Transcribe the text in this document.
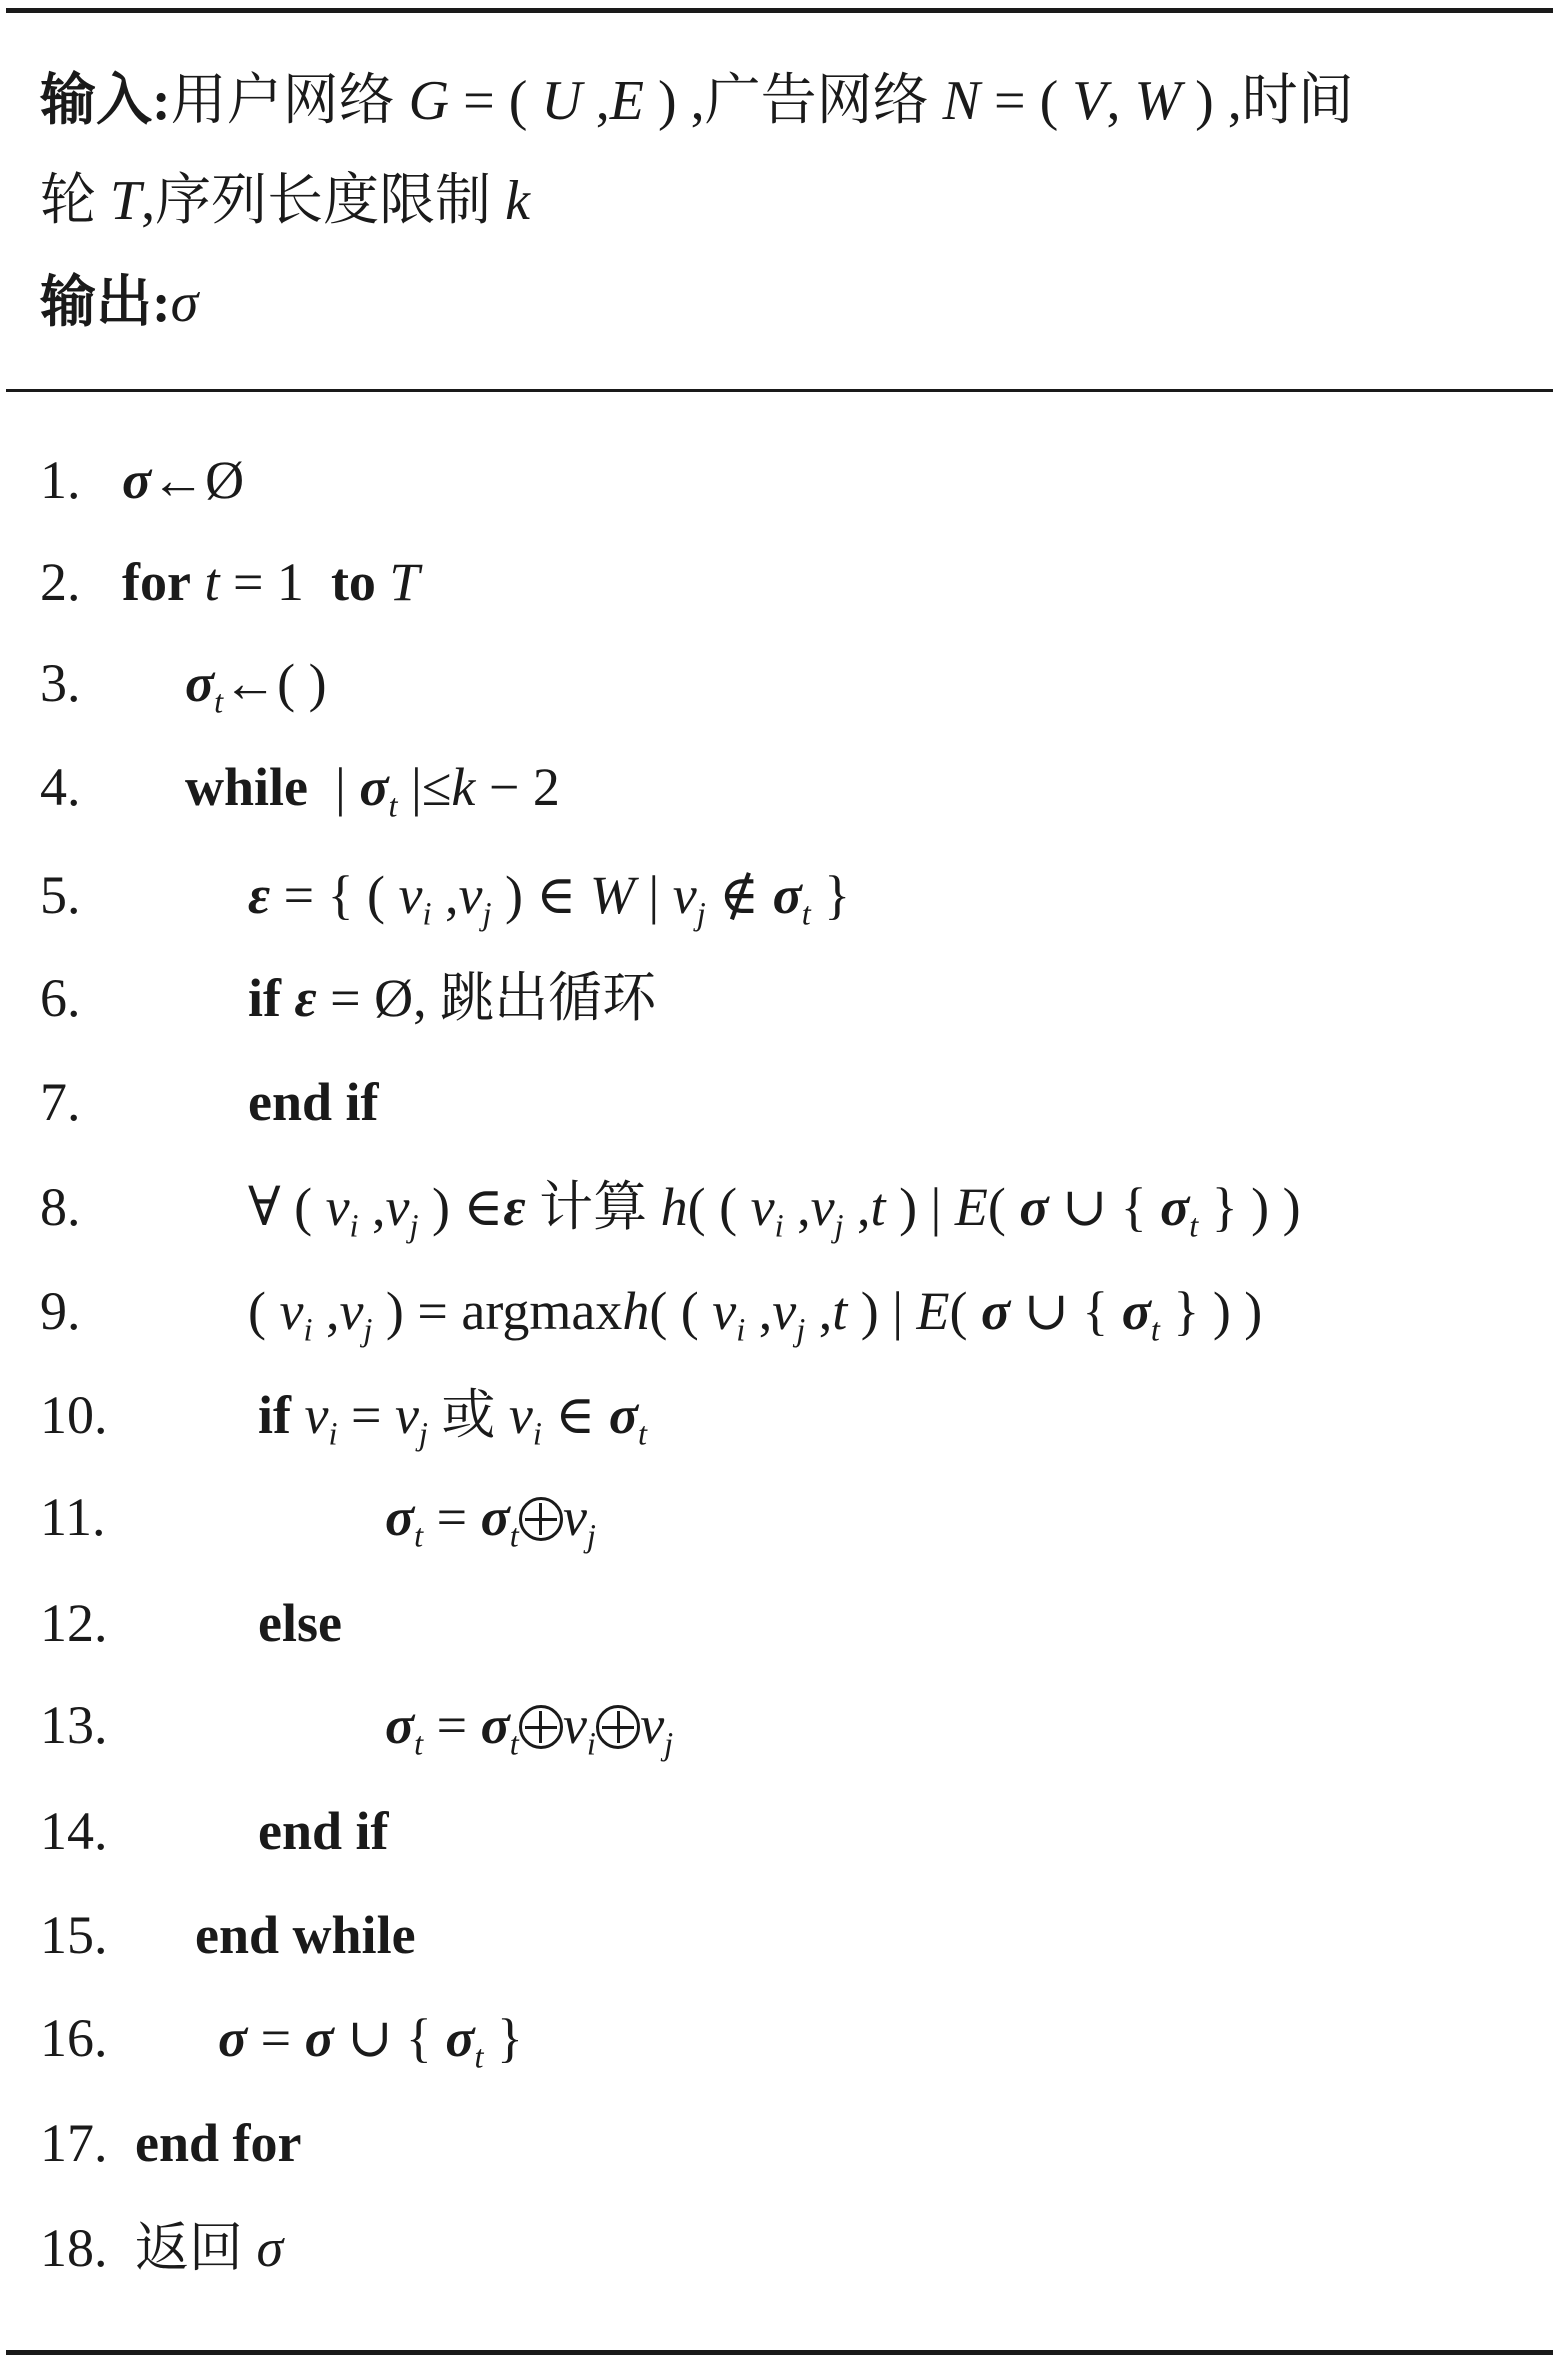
输入:用户网络 G = ( U ,E ) ,广告网络 N = ( V, W ) ,时间
轮 T,序列长度限制 k
输出:σ
1. σ←Ø
2. for t = 1  to T
3. $\sigma_t\leftarrow$( )
4. while  | $\sigma_t$ |≤k − 2
5.	ε = { ( $v_i$ $,v_j$ ) ∈ W | $v_j$ ∉ $\sigma_t$ }
6.	if ε = Ø, 跳出循环
7.	end if
8.	∀ ( $v_i$ $,v_j$ ) ∈ε 计算 h( ( $v_i$ $,v_j$ ,t ) | E( σ ∪ { $\sigma_t$ } ) )
9.	( $v_i$ $,v_j$ ) = argmaxh( ( $v_i$ $,v_j$ ,t ) | E( σ ∪ { $\sigma_t$ } ) )
10.	if $v_i = v_j$ 或 $v_i$ ∈ $\sigma_t$
11.	$\sigma_t = \sigma_t$ $v_j$
12.	else
13.	$\sigma_t = \sigma_t$ $v_i$ $v_j$
14.	end if
15. end while
16. σ = σ ∪ { $\sigma_t$ }
17. end for
18. 返回 σ
